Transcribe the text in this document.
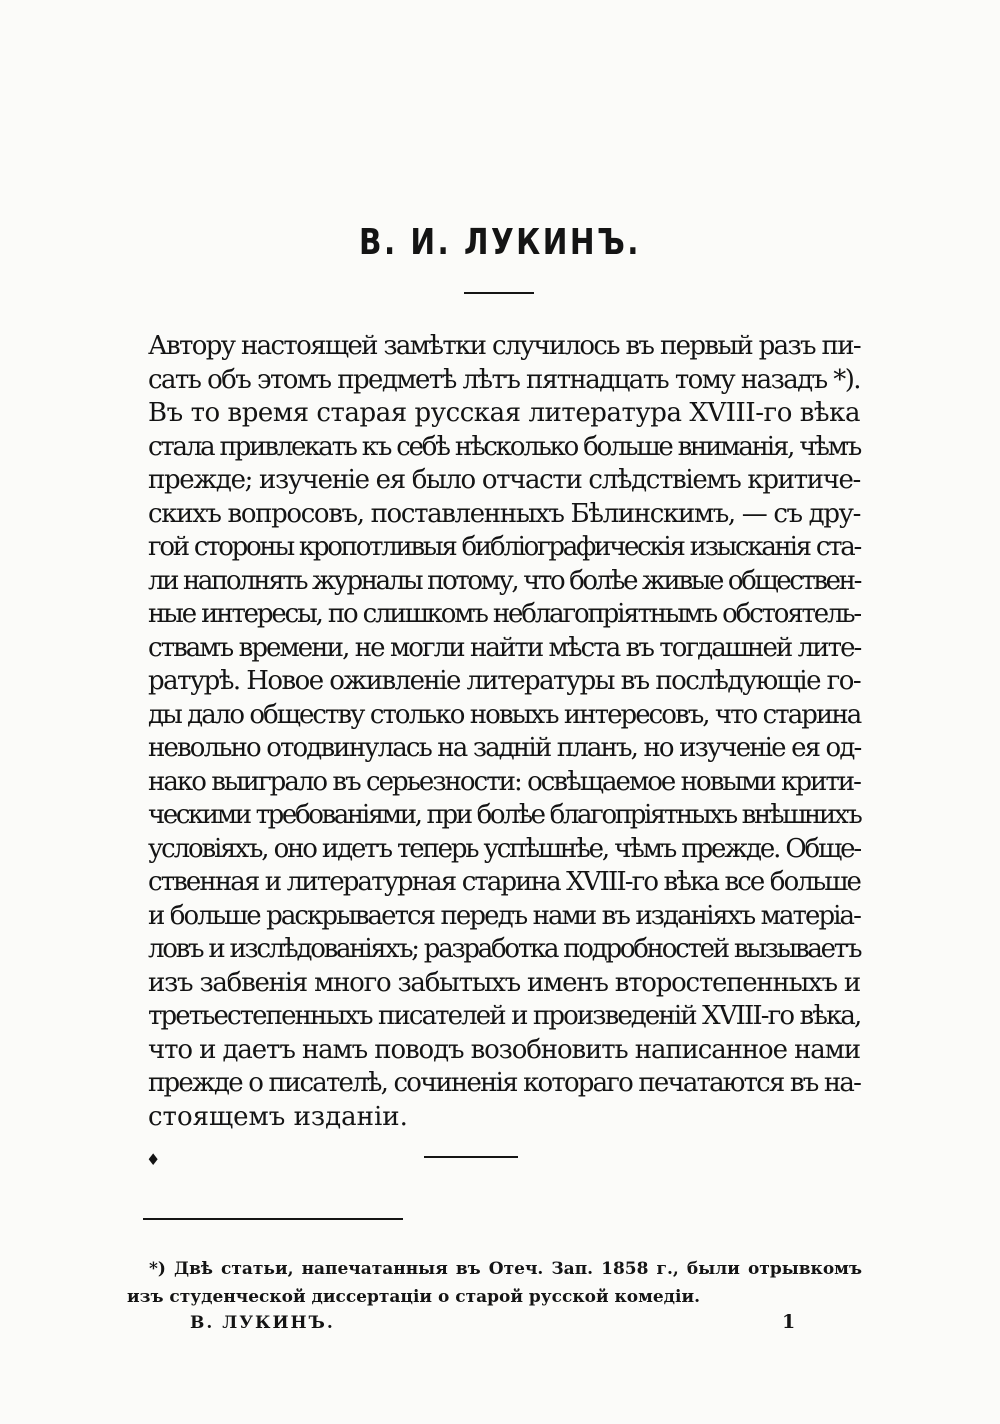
В. И. ЛУКИНЪ.
Автору настоящей замѣтки случилось въ первый разъ пи-
сать объ этомъ предметѣ лѣтъ пятнадцать тому назадъ *).
Въ то время старая русская литература XVIII-го вѣка
стала привлекать къ себѣ нѣсколько больше вниманія, чѣмъ
прежде; изученіе ея было отчасти слѣдствіемъ критиче-
скихъ вопросовъ, поставленныхъ Бѣлинскимъ, — съ дру-
гой стороны кропотливыя библіографическія изысканія ста-
ли наполнять журналы потому, что болѣе живые обществен-
ные интересы, по слишкомъ неблагопріятнымъ обстоятель-
ствамъ времени, не могли найти мѣста въ тогдашней лите-
ратурѣ. Новое оживленіе литературы въ послѣдующіе го-
ды дало обществу столько новыхъ интересовъ, что старина
невольно отодвинулась на задній планъ, но изученіе ея од-
нако выиграло въ серьезности: освѣщаемое новыми крити-
ческими требованіями, при болѣе благопріятныхъ внѣшнихъ
условіяхъ, оно идетъ теперь успѣшнѣе, чѣмъ прежде. Обще-
ственная и литературная старина XVIII-го вѣка все больше
и больше раскрывается передъ нами въ изданіяхъ матеріа-
ловъ и изслѣдованіяхъ; разработка подробностей вызываетъ
изъ забвенія много забытыхъ именъ второстепенныхъ и
третьестепенныхъ писателей и произведеній XVIII-го вѣка,
что и даетъ намъ поводъ возобновить написанное нами
прежде о писателѣ, сочиненія котораго печатаются въ на-
стоящемъ изданіи.
♦
*) Двѣ статьи, напечатанныя въ Отеч. Зап. 1858 г., были отрывкомъ
изъ студенческой диссертаціи о старой русской комедіи.
В. ЛУКИНЪ.	1
